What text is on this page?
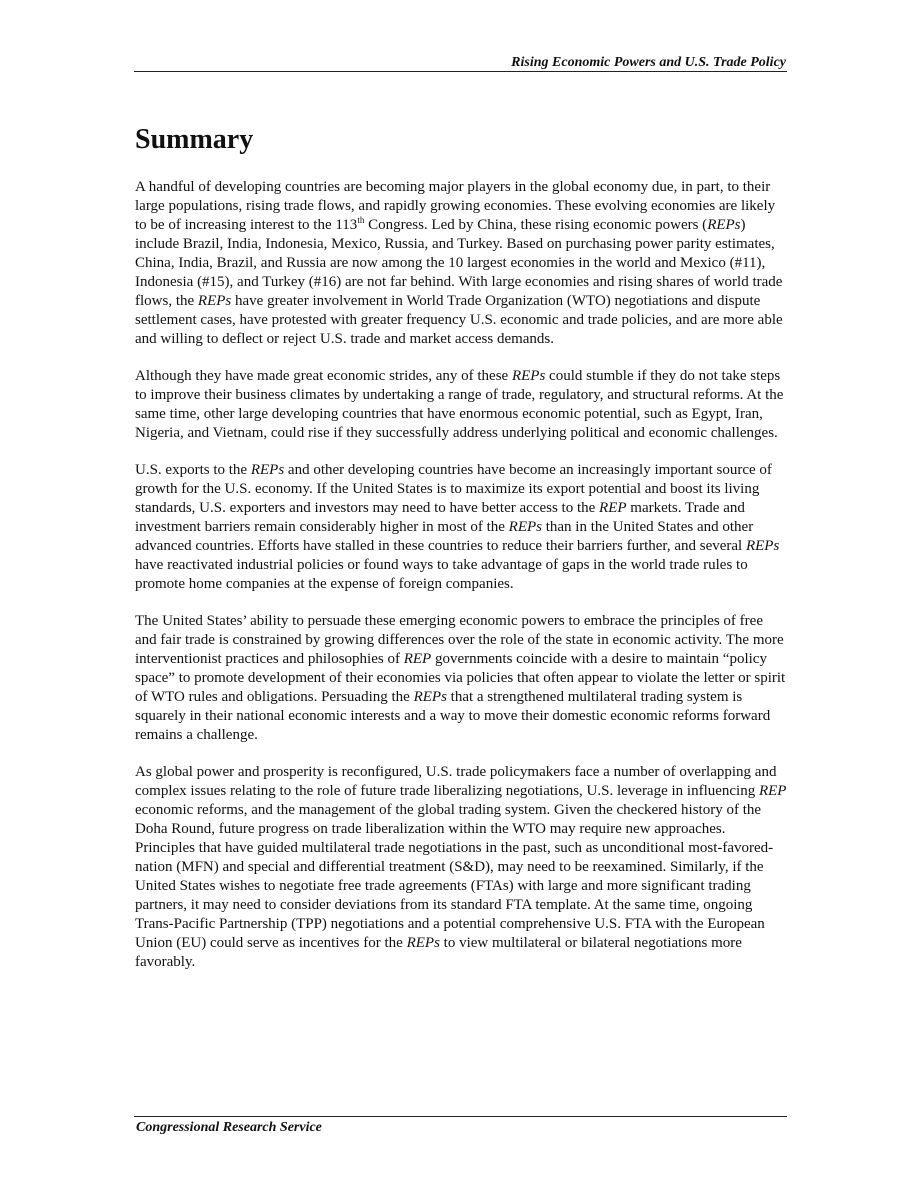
Rising Economic Powers and U.S. Trade Policy
Summary

A handful of developing countries are becoming major players in the global economy due, in part, to their large populations, rising trade flows, and rapidly growing economies. These evolving economies are likely to be of increasing interest to the 113th Congress. Led by China, these rising economic powers (REPs) include Brazil, India, Indonesia, Mexico, Russia, and Turkey. Based on purchasing power parity estimates, China, India, Brazil, and Russia are now among the 10 largest economies in the world and Mexico (#11), Indonesia (#15), and Turkey (#16) are not far behind. With large economies and rising shares of world trade flows, the REPs have greater involvement in World Trade Organization (WTO) negotiations and dispute settlement cases, have protested with greater frequency U.S. economic and trade policies, and are more able and willing to deflect or reject U.S. trade and market access demands.

Although they have made great economic strides, any of these REPs could stumble if they do not take steps to improve their business climates by undertaking a range of trade, regulatory, and structural reforms. At the same time, other large developing countries that have enormous economic potential, such as Egypt, Iran, Nigeria, and Vietnam, could rise if they successfully address underlying political and economic challenges.

U.S. exports to the REPs and other developing countries have become an increasingly important source of growth for the U.S. economy. If the United States is to maximize its export potential and boost its living standards, U.S. exporters and investors may need to have better access to the REP markets. Trade and investment barriers remain considerably higher in most of the REPs than in the United States and other advanced countries. Efforts have stalled in these countries to reduce their barriers further, and several REPs have reactivated industrial policies or found ways to take advantage of gaps in the world trade rules to promote home companies at the expense of foreign companies.

The United States’ ability to persuade these emerging economic powers to embrace the principles of free and fair trade is constrained by growing differences over the role of the state in economic activity. The more interventionist practices and philosophies of REP governments coincide with a desire to maintain “policy space” to promote development of their economies via policies that often appear to violate the letter or spirit of WTO rules and obligations. Persuading the REPs that a strengthened multilateral trading system is squarely in their national economic interests and a way to move their domestic economic reforms forward remains a challenge.

As global power and prosperity is reconfigured, U.S. trade policymakers face a number of overlapping and complex issues relating to the role of future trade liberalizing negotiations, U.S. leverage in influencing REP economic reforms, and the management of the global trading system. Given the checkered history of the Doha Round, future progress on trade liberalization within the WTO may require new approaches. Principles that have guided multilateral trade negotiations in the past, such as unconditional most-favored-nation (MFN) and special and differential treatment (S&D), may need to be reexamined. Similarly, if the United States wishes to negotiate free trade agreements (FTAs) with large and more significant trading partners, it may need to consider deviations from its standard FTA template. At the same time, ongoing Trans-Pacific Partnership (TPP) negotiations and a potential comprehensive U.S. FTA with the European Union (EU) could serve as incentives for the REPs to view multilateral or bilateral negotiations more favorably.

Congressional Research Service
